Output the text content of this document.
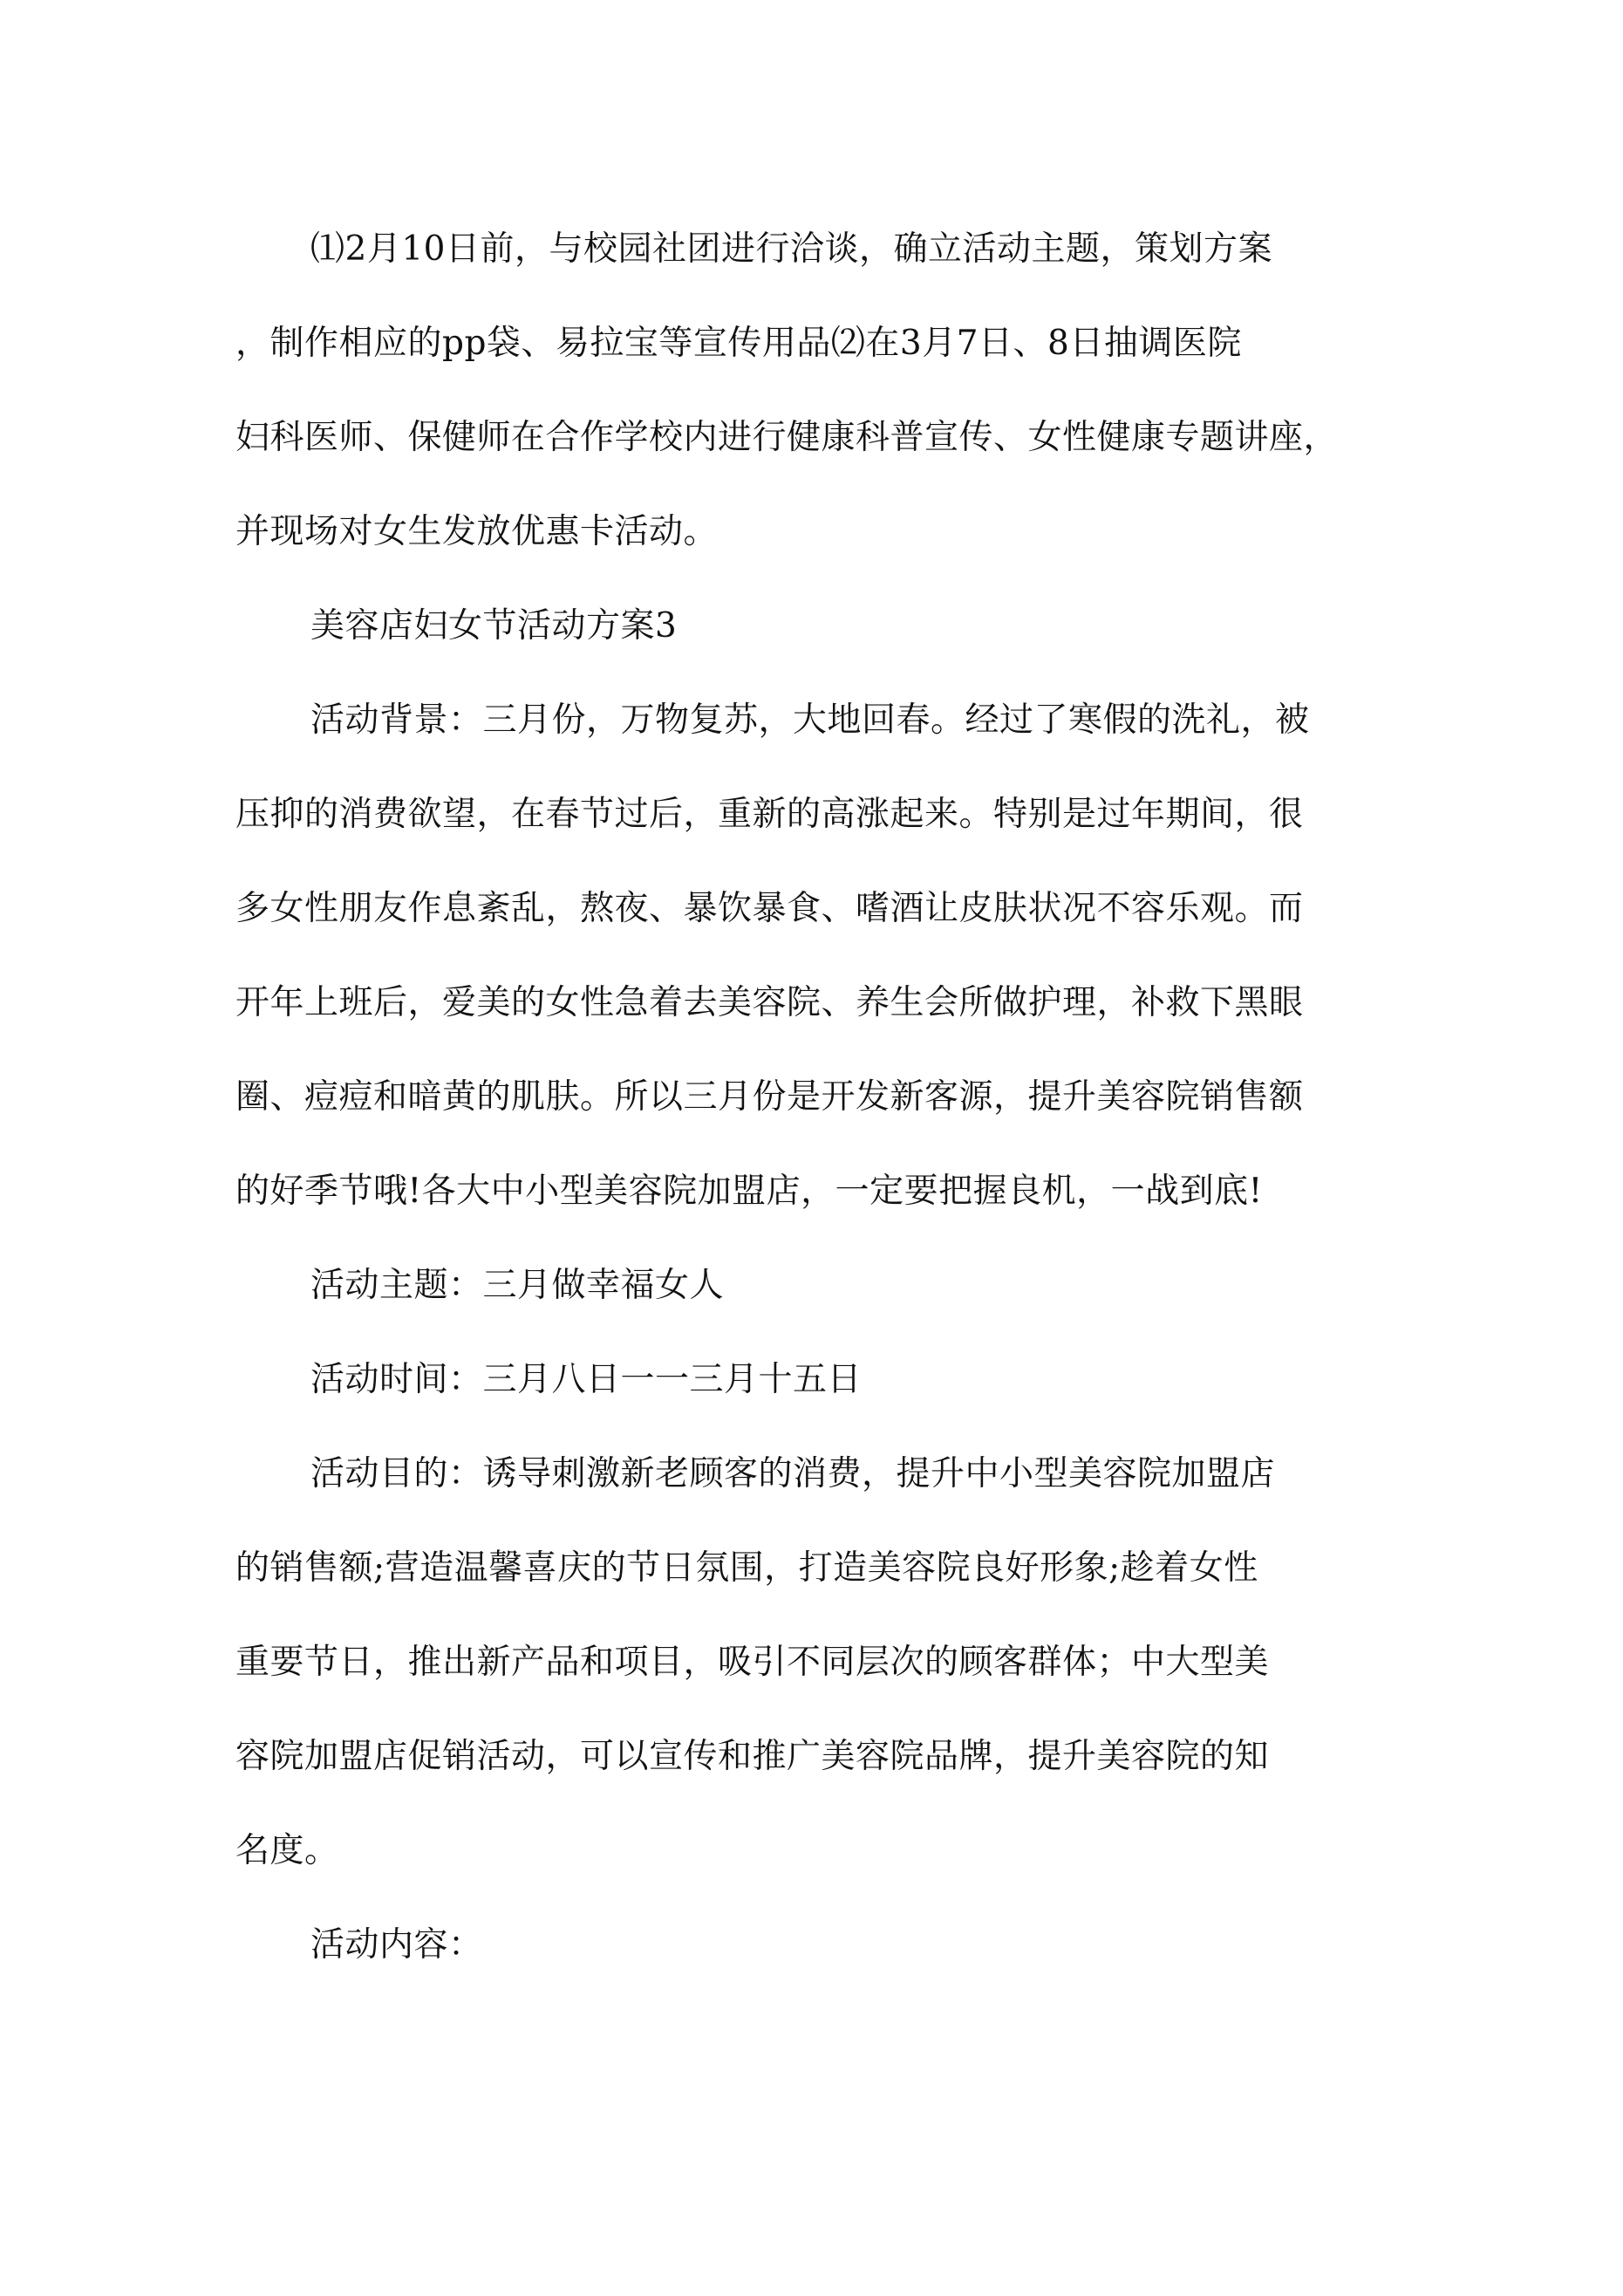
⑴2月10日前，与校园社团进行洽谈，确立活动主题，策划方案
，制作相应的pp袋、易拉宝等宣传用品⑵在3月7日、8日抽调医院
妇科医师、保健师在合作学校内进行健康科普宣传、女性健康专题讲座，
并现场对女生发放优惠卡活动。
美容店妇女节活动方案3
活动背景：三月份，万物复苏，大地回春。经过了寒假的洗礼，被
压抑的消费欲望，在春节过后，重新的高涨起来。特别是过年期间，很
多女性朋友作息紊乱，熬夜、暴饮暴食、嗜酒让皮肤状况不容乐观。而
开年上班后，爱美的女性急着去美容院、养生会所做护理，补救下黑眼
圈、痘痘和暗黄的肌肤。所以三月份是开发新客源，提升美容院销售额
的好季节哦!各大中小型美容院加盟店，一定要把握良机，一战到底!
活动主题：三月做幸福女人
活动时间：三月八日一一三月十五日
活动目的：诱导刺激新老顾客的消费，提升中小型美容院加盟店
的销售额;营造温馨喜庆的节日氛围，打造美容院良好形象;趁着女性
重要节日，推出新产品和项目，吸引不同层次的顾客群体；中大型美
容院加盟店促销活动，可以宣传和推广美容院品牌，提升美容院的知
名度。
活动内容：
